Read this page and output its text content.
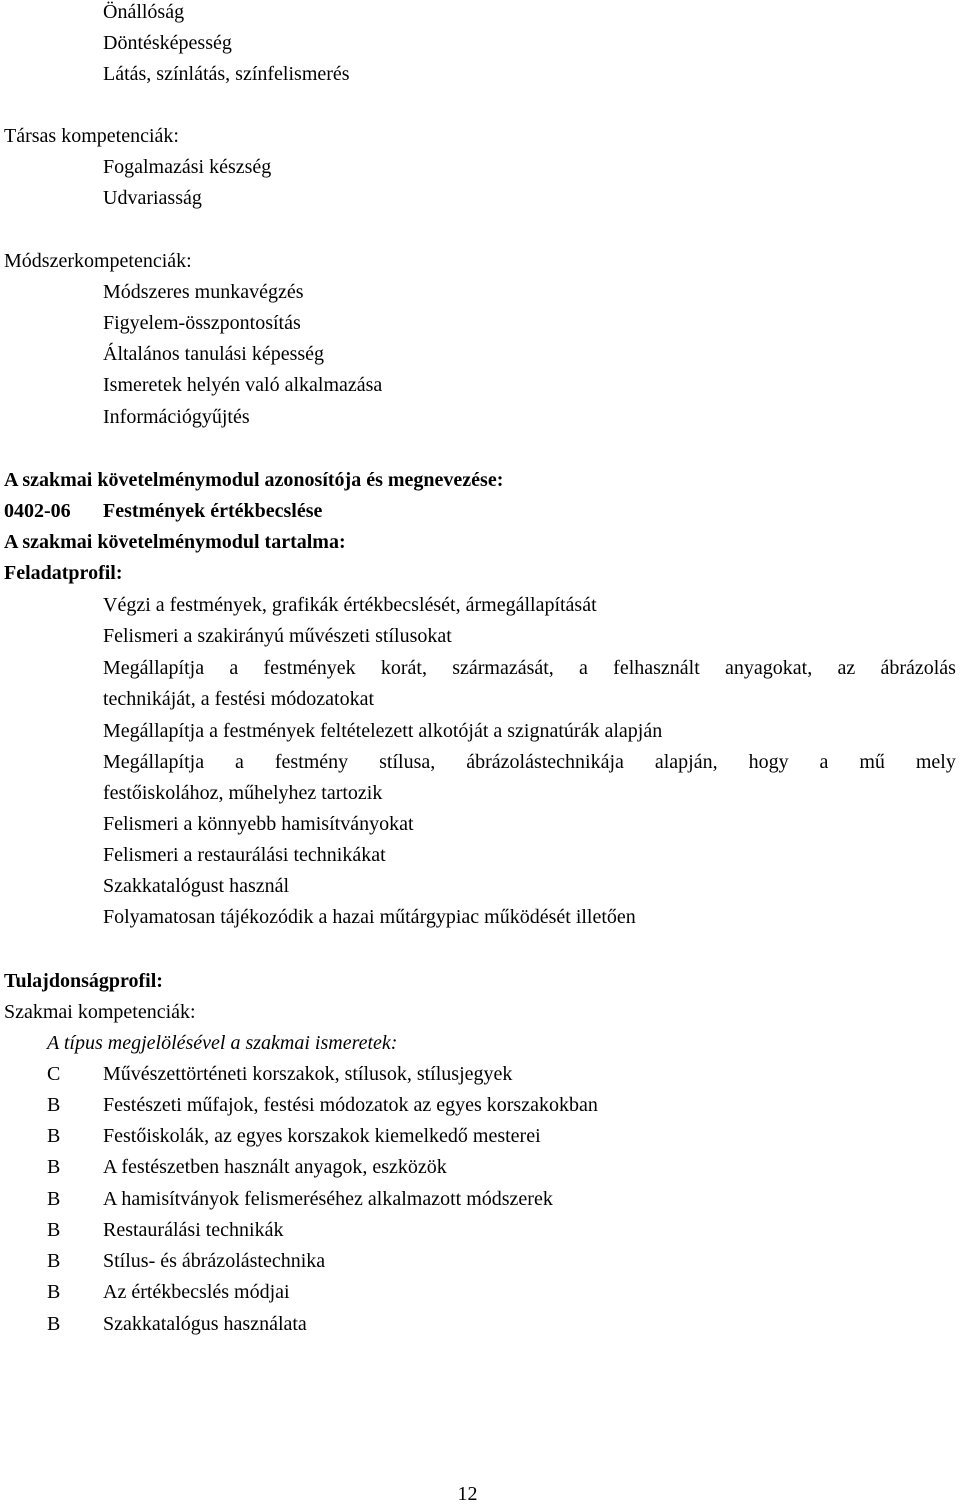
Önállóság
Döntésképesség
Látás, színlátás, színfelismerés
Társas kompetenciák:
Fogalmazási készség
Udvariasság
Módszerkompetenciák:
Módszeres munkavégzés
Figyelem-összpontosítás
Általános tanulási képesség
Ismeretek helyén való alkalmazása
Információgyűjtés
A szakmai követelménymodul azonosítója és megnevezése:
0402-06 Festmények értékbecslése
A szakmai követelménymodul tartalma:
Feladatprofil:
Végzi a festmények, grafikák értékbecslését, ármegállapítását
Felismeri a szakirányú művészeti stílusokat
Megállapítja a festmények korát, származását, a felhasznált anyagokat, az ábrázolás
technikáját, a festési módozatokat
Megállapítja a festmények feltételezett alkotóját a szignatúrák alapján
Megállapítja a festmény stílusa, ábrázolástechnikája alapján, hogy a mű mely
festőiskolához, műhelyhez tartozik
Felismeri a könnyebb hamisítványokat
Felismeri a restaurálási technikákat
Szakkatalógust használ
Folyamatosan tájékozódik a hazai műtárgypiac működését illetően
Tulajdonságprofil:
Szakmai kompetenciák:
A típus megjelölésével a szakmai ismeretek:
C	Művészettörténeti korszakok, stílusok, stílusjegyek
B	Festészeti műfajok, festési módozatok az egyes korszakokban
B	Festőiskolák, az egyes korszakok kiemelkedő mesterei
B	A festészetben használt anyagok, eszközök
B	A hamisítványok felismeréséhez alkalmazott módszerek
B	Restaurálási technikák
B	Stílus- és ábrázolástechnika
B	Az értékbecslés módjai
B	Szakkatalógus használata
12
